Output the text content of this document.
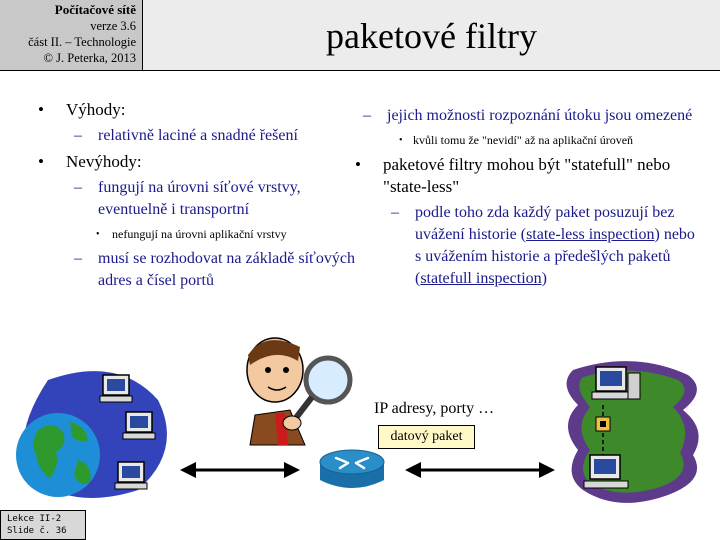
Počítačové sítě
verze 3.6
část II. – Technologie
© J. Peterka, 2013
paketové filtry
• Výhody:
– relativně laciné a snadné řešení
• Nevýhody:
– fungují na úrovni síťové vrstvy, eventuelně i transportní
• nefungují na úrovni aplikační vrstvy
– musí se rozhodovat na základě síťových adres a čísel portů
– jejich možnosti rozpoznání útoku jsou omezené
• kvůli tomu že "nevidí" až na aplikační úroveň
• paketové filtry mohou být "statefull" nebo "state-less"
– podle toho zda každý paket posuzují bez uvážení historie (state-less inspection) nebo s uvážením historie a předešlých paketů (statefull inspection)
IP adresy, porty …
datový paket
Lekce II-2
Slide č. 36
